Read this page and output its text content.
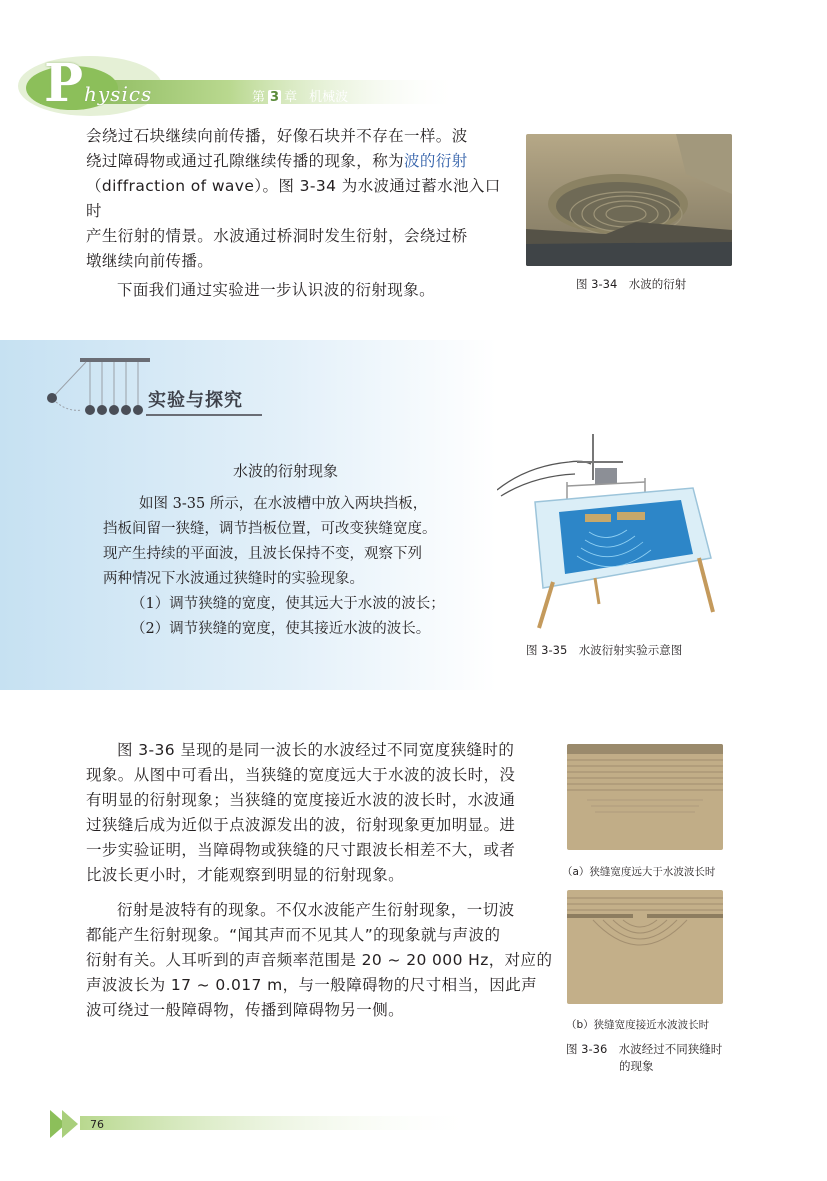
P hysics	第 3 章 机械波

会绕过石块继续向前传播，好像石块并不存在一样。波

绕过障碍物或通过孔隙继续传播的现象，称为波的衍射

（diffraction of wave）。图 3-34 为水波通过蓄水池入口时

产生衍射的情景。水波通过桥洞时发生衍射，会绕过桥

墩继续向前传播。

下面我们通过实验进一步认识波的衍射现象。	图 3-34　水波的衍射
实验与探究
水波的衍射现象

如图 3-35 所示，在水波槽中放入两块挡板，

挡板间留一狭缝，调节挡板位置，可改变狭缝宽度。

现产生持续的平面波，且波长保持不变，观察下列

两种情况下水波通过狭缝时的实验现象。

（1）调节狭缝的宽度，使其远大于水波的波长；

（2）调节狭缝的宽度，使其接近水波的波长。

图 3-35　水波衍射实验示意图

图 3-36 呈现的是同一波长的水波经过不同宽度狭缝时的

现象。从图中可看出，当狭缝的宽度远大于水波的波长时，没

有明显的衍射现象；当狭缝的宽度接近水波的波长时，水波通

过狭缝后成为近似于点波源发出的波，衍射现象更加明显。进

一步实验证明，当障碍物或狭缝的尺寸跟波长相差不大，或者

比波长更小时，才能观察到明显的衍射现象。

衍射是波特有的现象。不仅水波能产生衍射现象，一切波

都能产生衍射现象。“闻其声而不见其人”的现象就与声波的

衍射有关。人耳听到的声音频率范围是 20 ~ 20 000 Hz，对应的

声波波长为 17 ~ 0.017 m，与一般障碍物的尺寸相当，因此声

波可绕过一般障碍物，传播到障碍物另一侧。

（a）狭缝宽度远大于水波波长时
（b）狭缝宽度接近水波波长时
图 3-36　水波经过不同狭缝时
的现象
76
